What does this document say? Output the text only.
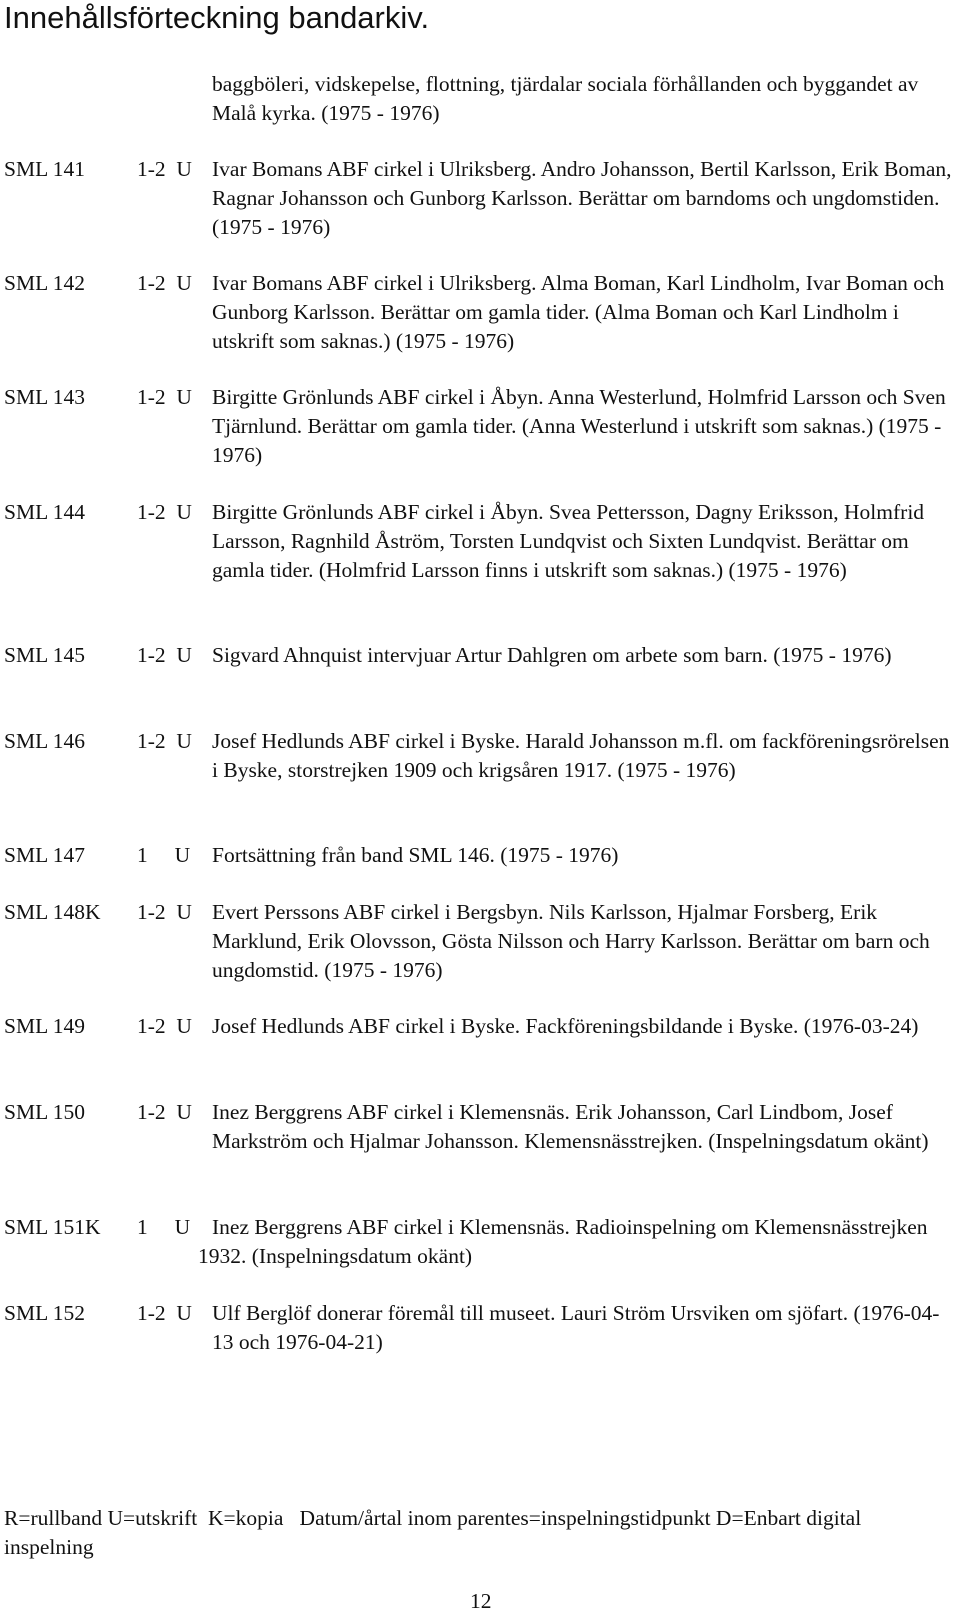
Innehållsförteckning bandarkiv.
baggböleri, vidskepelse, flottning, tjärdalar sociala förhållanden och byggandet av Malå kyrka. (1975 - 1976)
SML 141 1-2  U Ivar Bomans ABF cirkel i Ulriksberg. Andro Johansson, Bertil Karlsson, Erik Boman, Ragnar Johansson och Gunborg Karlsson. Berättar om barndoms och ungdomstiden. (1975 - 1976)
SML 142 1-2  U Ivar Bomans ABF cirkel i Ulriksberg. Alma Boman, Karl Lindholm, Ivar Boman och Gunborg Karlsson. Berättar om gamla tider. (Alma Boman och Karl Lindholm i utskrift som saknas.) (1975 - 1976)
SML 143 1-2  U Birgitte Grönlunds ABF cirkel i Åbyn. Anna Westerlund, Holmfrid Larsson och Sven Tjärnlund. Berättar om gamla tider. (Anna Westerlund i utskrift som saknas.) (1975 - 1976)
SML 144 1-2  U Birgitte Grönlunds ABF cirkel i Åbyn. Svea Pettersson, Dagny Eriksson, Holmfrid Larsson, Ragnhild Åström, Torsten Lundqvist och Sixten Lundqvist. Berättar om gamla tider. (Holmfrid Larsson finns i utskrift som saknas.) (1975 - 1976)
SML 145 1-2  U Sigvard Ahnquist intervjuar Artur Dahlgren om arbete som barn. (1975 - 1976)
SML 146 1-2  U Josef Hedlunds ABF cirkel i Byske. Harald Johansson m.fl. om fackföreningsrörelsen i Byske, storstrejken 1909 och krigsåren 1917. (1975 - 1976)
SML 147 1     U Fortsättning från band SML 146. (1975 - 1976)
SML 148K 1-2  U Evert Perssons ABF cirkel i Bergsbyn. Nils Karlsson, Hjalmar Forsberg, Erik Marklund, Erik Olovsson, Gösta Nilsson och Harry Karlsson. Berättar om barn och ungdomstid. (1975 - 1976)
SML 149 1-2  U Josef Hedlunds ABF cirkel i Byske. Fackföreningsbildande i Byske. (1976-03-24)
SML 150 1-2  U Inez Berggrens ABF cirkel i Klemensnäs. Erik Johansson, Carl Lindbom, Josef Markström och Hjalmar Johansson. Klemensnässtrejken. (Inspelningsdatum okänt)
SML 151K 1     U	Inez Berggrens ABF cirkel i Klemensnäs. Radioinspelning om Klemensnässtrejken 1932. (Inspelningsdatum okänt)
SML 152 1-2  U Ulf Berglöf donerar föremål till museet. Lauri Ström Ursviken om sjöfart. (1976-04-13 och 1976-04-21)
R=rullband U=utskrift  K=kopia   Datum/årtal inom parentes=inspelningstidpunkt D=Enbart digital inspelning
12
